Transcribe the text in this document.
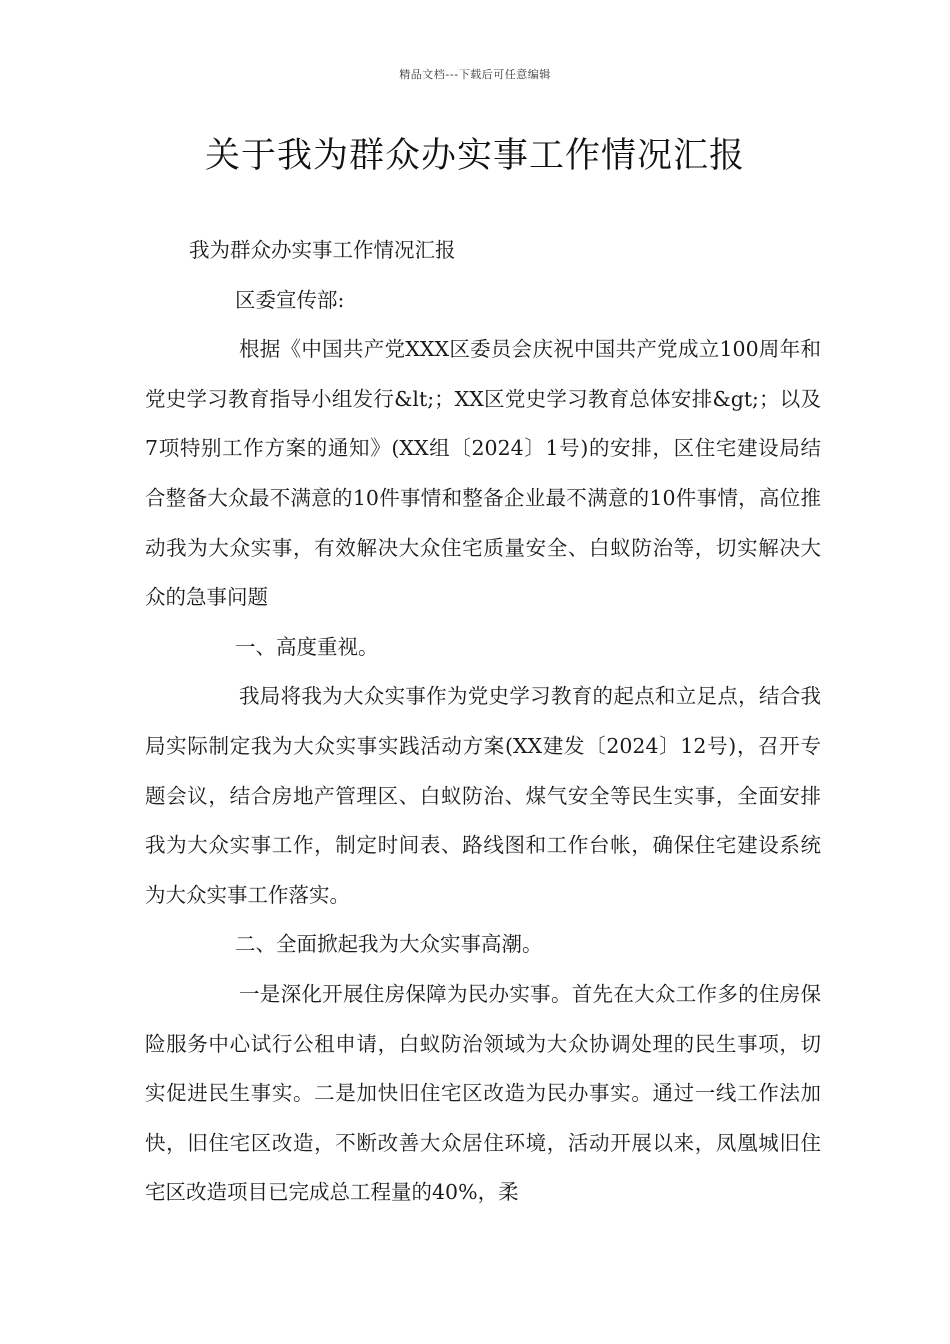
精品文档---下载后可任意编辑
关于我为群众办实事工作情况汇报

我为群众办实事工作情况汇报

区委宣传部:

根据《中国共产党XXX区委员会庆祝中国共产党成立100周年和党史学习教育指导小组发行&lt;；XX区党史学习教育总体安排&gt;；以及7项特别工作方案的通知》(XX组〔2024〕1号)的安排，区住宅建设局结合整备大众最不满意的10件事情和整备企业最不满意的10件事情，高位推动我为大众实事，有效解决大众住宅质量安全、白蚁防治等，切实解决大众的急事问题

一、高度重视。

我局将我为大众实事作为党史学习教育的起点和立足点，结合我局实际制定我为大众实事实践活动方案(XX建发〔2024〕12号)，召开专题会议，结合房地产管理区、白蚁防治、煤气安全等民生实事，全面安排我为大众实事工作，制定时间表、路线图和工作台帐，确保住宅建设系统为大众实事工作落实。

二、全面掀起我为大众实事高潮。

一是深化开展住房保障为民办实事。首先在大众工作多的住房保险服务中心试行公租申请，白蚁防治领域为大众协调处理的民生事项，切实促进民生事实。二是加快旧住宅区改造为民办事实。通过一线工作法加快，旧住宅区改造，不断改善大众居住环境，活动开展以来，凤凰城旧住宅区改造项目已完成总工程量的40%，柔
